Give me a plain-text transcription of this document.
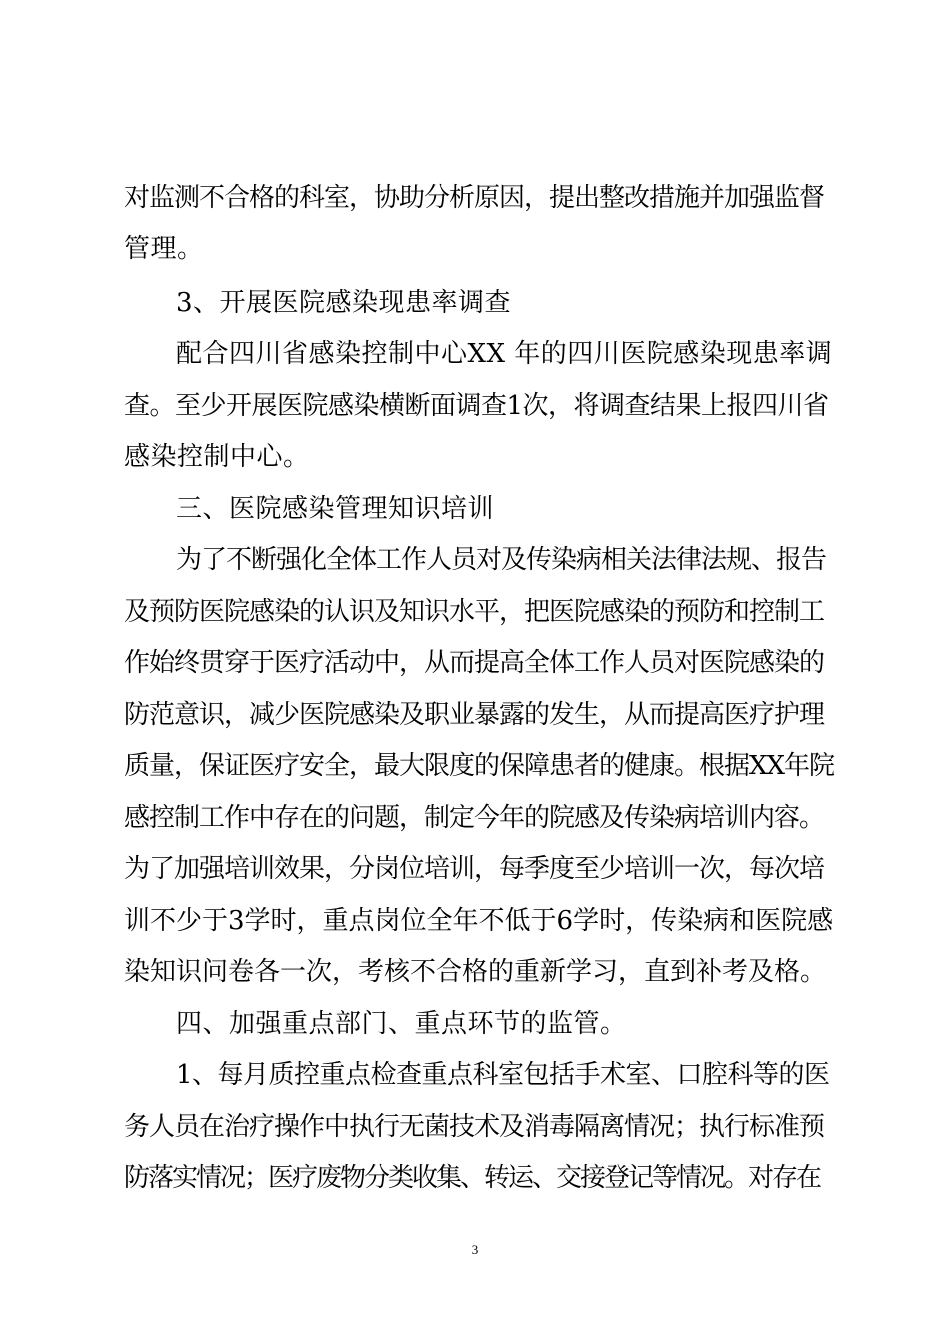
对监测不合格的科室，协助分析原因，提出整改措施并加强监督
管理。
3、开展医院感染现患率调查
配合四川省感染控制中心XX 年的四川医院感染现患率调
查。至少开展医院感染横断面调查1次，将调查结果上报四川省
感染控制中心。
三、医院感染管理知识培训
为了不断强化全体工作人员对及传染病相关法律法规、报告
及预防医院感染的认识及知识水平，把医院感染的预防和控制工
作始终贯穿于医疗活动中，从而提高全体工作人员对医院感染的
防范意识，减少医院感染及职业暴露的发生，从而提高医疗护理
质量，保证医疗安全，最大限度的保障患者的健康。根据XX年院
感控制工作中存在的问题，制定今年的院感及传染病培训内容。
为了加强培训效果，分岗位培训，每季度至少培训一次，每次培
训不少于3学时，重点岗位全年不低于6学时，传染病和医院感
染知识问卷各一次，考核不合格的重新学习，直到补考及格。
四、加强重点部门、重点环节的监管。
1、每月质控重点检查重点科室包括手术室、口腔科等的医
务人员在治疗操作中执行无菌技术及消毒隔离情况；执行标准预
防落实情况；医疗废物分类收集、转运、交接登记等情况。对存在
3
